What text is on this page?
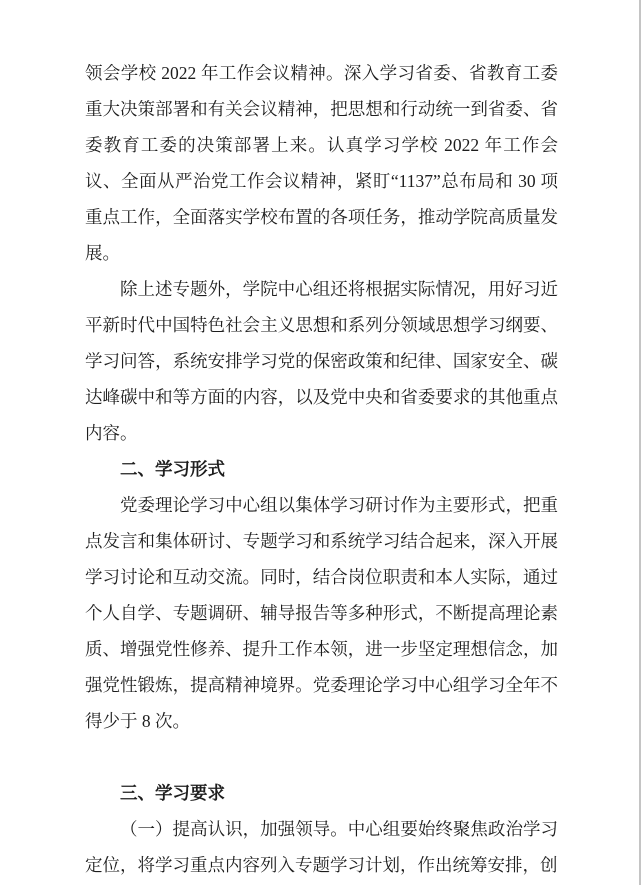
领会学校 2022 年工作会议精神。深入学习省委、省教育工委重大决策部署和有关会议精神，把思想和行动统一到省委、省委教育工委的决策部署上来。认真学习学校 2022 年工作会议、全面从严治党工作会议精神，紧盯“1137”总布局和 30 项重点工作，全面落实学校布置的各项任务，推动学院高质量发展。

除上述专题外，学院中心组还将根据实际情况，用好习近平新时代中国特色社会主义思想和系列分领域思想学习纲要、学习问答，系统安排学习党的保密政策和纪律、国家安全、碳达峰碳中和等方面的内容，以及党中央和省委要求的其他重点内容。

二、学习形式

党委理论学习中心组以集体学习研讨作为主要形式，把重点发言和集体研讨、专题学习和系统学习结合起来，深入开展学习讨论和互动交流。同时，结合岗位职责和本人实际，通过个人自学、专题调研、辅导报告等多种形式，不断提高理论素质、增强党性修养、提升工作本领，进一步坚定理想信念，加强党性锻炼，提高精神境界。党委理论学习中心组学习全年不得少于 8 次。

三、学习要求

（一）提高认识，加强领导。中心组要始终聚焦政治学习定位，将学习重点内容列入专题学习计划，作出统筹安排，创
